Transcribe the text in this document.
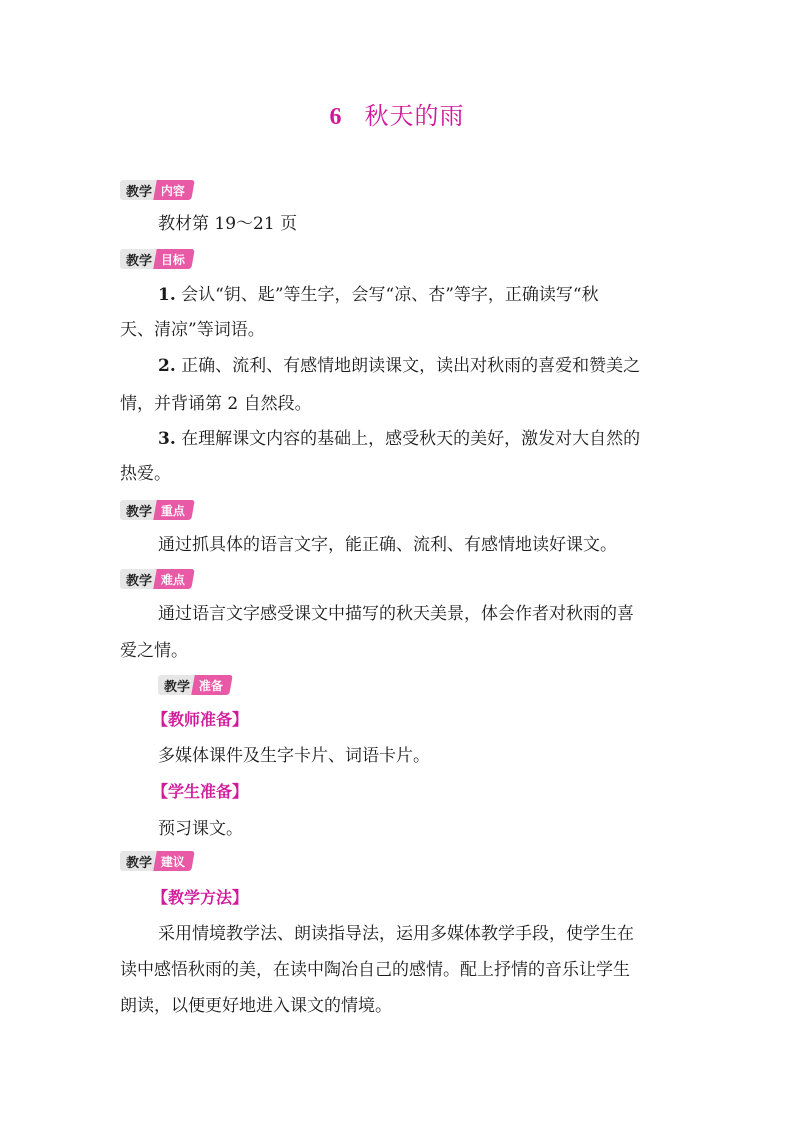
6 秋天的雨
教学 内容
教材第 19～21 页
教学 目标
1. 会认“钥、匙”等生字，会写“凉、杏”等字，正确读写“秋
天、清凉”等词语。
2. 正确、流利、有感情地朗读课文，读出对秋雨的喜爱和赞美之
情，并背诵第 2 自然段。
3. 在理解课文内容的基础上，感受秋天的美好，激发对大自然的
热爱。
教学 重点
通过抓具体的语言文字，能正确、流利、有感情地读好课文。
教学 难点
通过语言文字感受课文中描写的秋天美景，体会作者对秋雨的喜
爱之情。
教学 准备
【教师准备】
多媒体课件及生字卡片、词语卡片。
【学生准备】
预习课文。
教学 建议
【教学方法】
采用情境教学法、朗读指导法，运用多媒体教学手段，使学生在
读中感悟秋雨的美，在读中陶冶自己的感情。配上抒情的音乐让学生
朗读，以便更好地进入课文的情境。
